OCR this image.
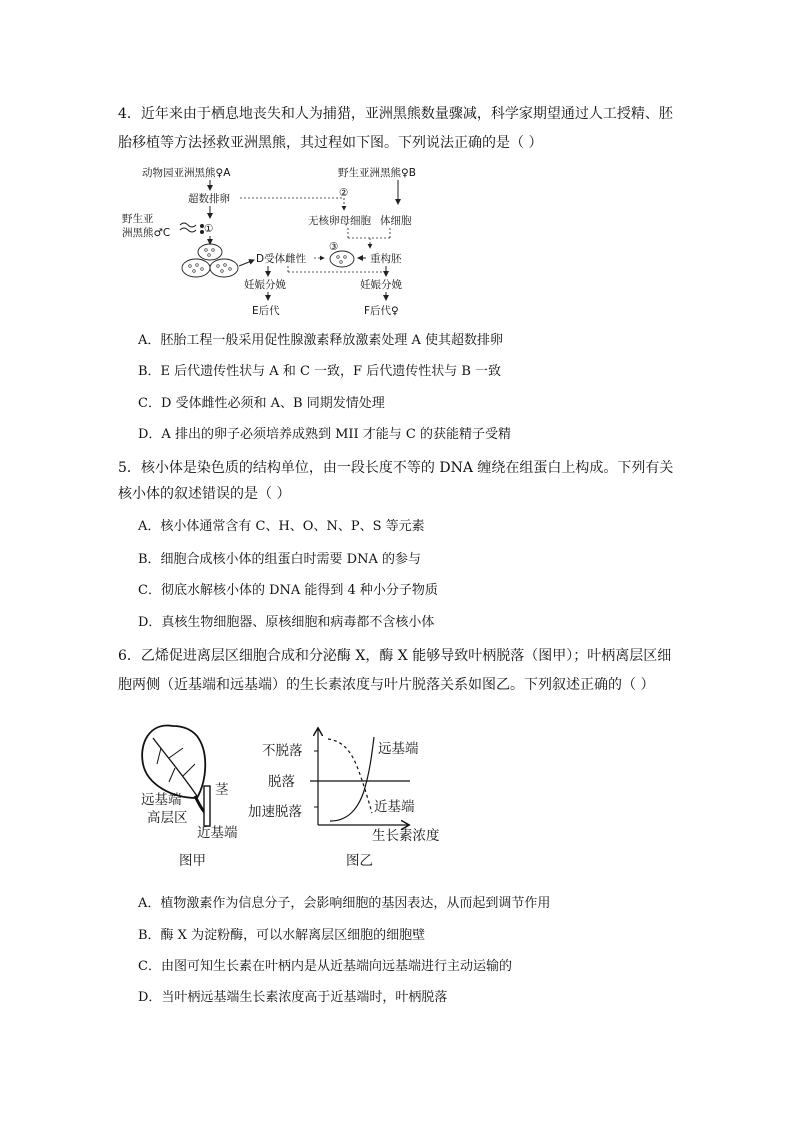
4．近年来由于栖息地丧失和人为捕猎，亚洲黑熊数量骤减，科学家期望通过人工授精、胚
胎移植等方法拯救亚洲黑熊，其过程如下图。下列说法正确的是（ ）
动物园亚洲黑熊♀A	野生亚洲黑熊♀B
超数排卵	②
无核卵母细胞 体细胞
野生亚
洲黑熊♂C	①
D受体雌性
③
重构胚
妊娠分娩	妊娠分娩
E后代	F后代♀
A．胚胎工程一般采用促性腺激素释放激素处理 A 使其超数排卵
B．E 后代遗传性状与 A 和 C 一致，F 后代遗传性状与 B 一致
C．D 受体雌性必须和 A、B 同期发情处理
D．A 排出的卵子必须培养成熟到 MII 才能与 C 的获能精子受精
5．核小体是染色质的结构单位，由一段长度不等的 DNA 缠绕在组蛋白上构成。下列有关
核小体的叙述错误的是（ ）
A．核小体通常含有 C、H、O、N、P、S 等元素
B．细胞合成核小体的组蛋白时需要 DNA 的参与
C．彻底水解核小体的 DNA 能得到 4 种小分子物质
D．真核生物细胞器、原核细胞和病毒都不含核小体
6．乙烯促进离层区细胞合成和分泌酶 X，酶 X 能够导致叶柄脱落（图甲）；叶柄离层区细
胞两侧（近基端和远基端）的生长素浓度与叶片脱落关系如图乙。下列叙述正确的（ ）
茎
远基端
高层区
近基端
图甲
不脱落
脱落
加速脱落
远基端
近基端
生长素浓度
图乙
A．植物激素作为信息分子，会影响细胞的基因表达，从而起到调节作用
B．酶 X 为淀粉酶，可以水解离层区细胞的细胞壁
C．由图可知生长素在叶柄内是从近基端向远基端进行主动运输的
D．当叶柄远基端生长素浓度高于近基端时，叶柄脱落
